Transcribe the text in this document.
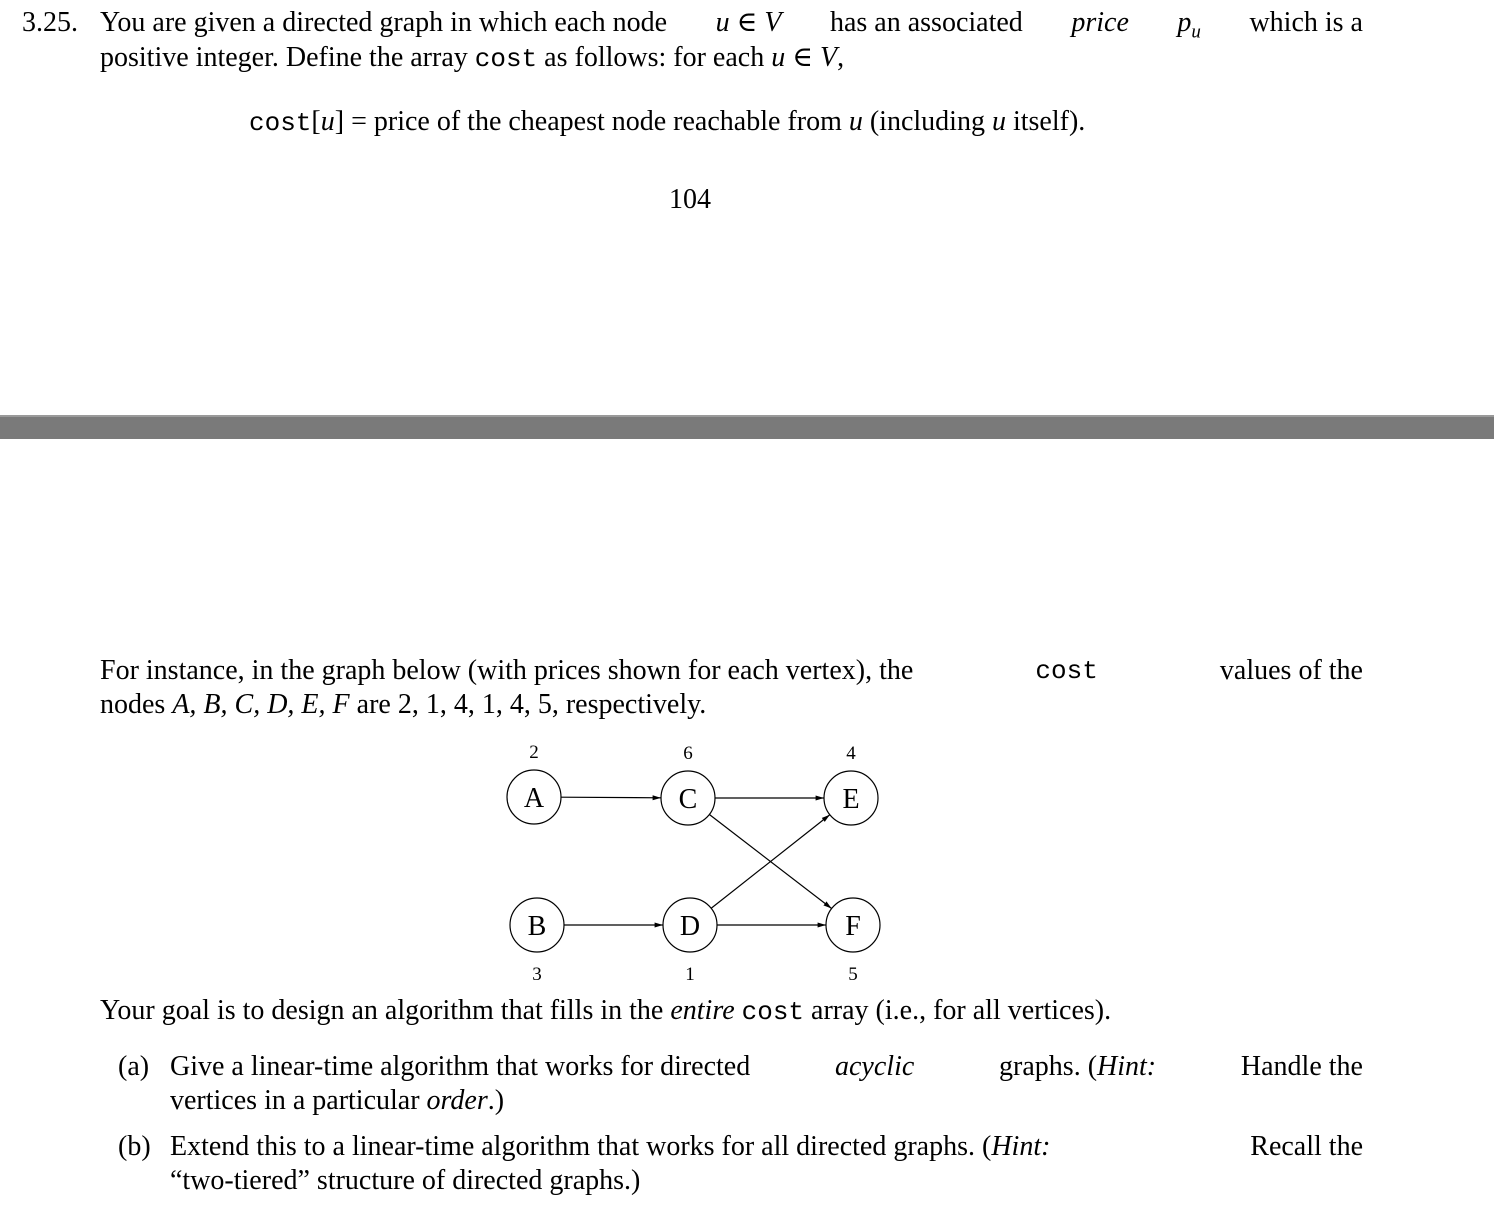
3.25. You are given a directed graph in which each node u ∈ V has an associated price $p_u$ which is a
positive integer. Define the array cost as follows: for each u ∈ V,
cost[u] = price of the cheapest node reachable from u (including u itself).
104
For instance, in the graph below (with prices shown for each vertex), the	cost	values of the
nodes A, B, C, D, E, F are 2, 1, 4, 1, 4, 5, respectively.
A
2
C
6
E
4
B
3
D
1
F
5
Your goal is to design an algorithm that fills in the entire cost array (i.e., for all vertices).
(a) Give a linear-time algorithm that works for directed	acyclic	graphs. (Hint:	Handle the
vertices in a particular order.)
(b) Extend this to a linear-time algorithm that works for all directed graphs. (Hint:	Recall the
“two-tiered” structure of directed graphs.)
